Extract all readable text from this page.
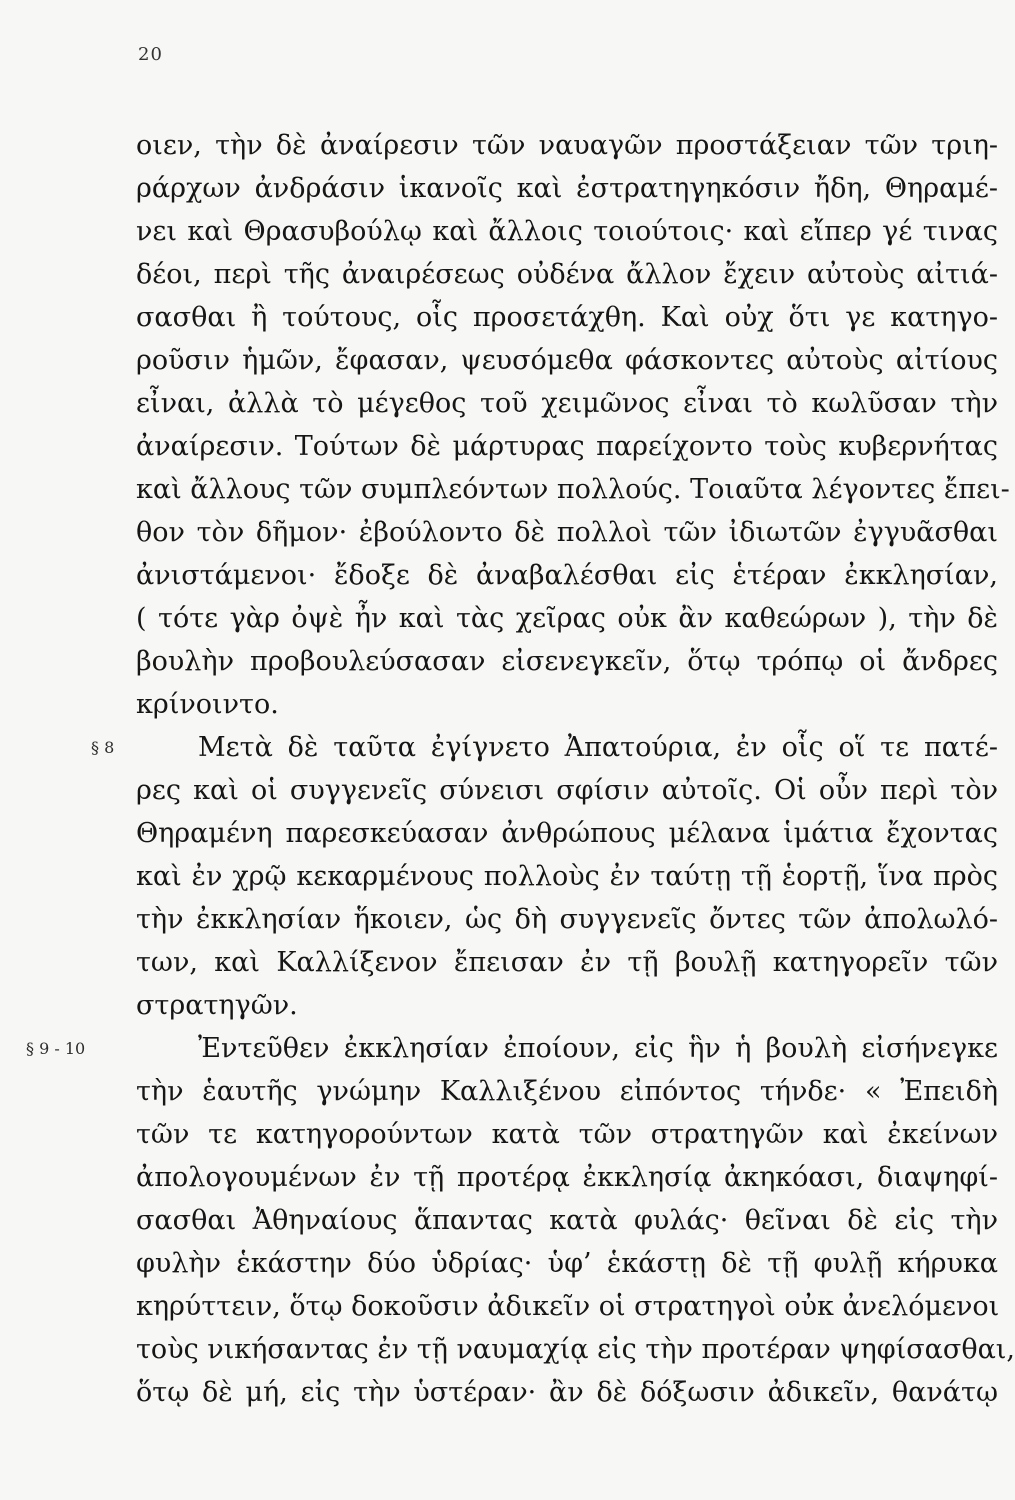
20
οιεν, τὴν δὲ ἀναίρεσιν τῶν ναυαγῶν προστάξειαν τῶν τριη-
ράρχων ἀνδράσιν ἱκανοῖς καὶ ἐστρατηγηκόσιν ἤδη, Θηραμέ-
νει καὶ Θρασυβούλῳ καὶ ἄλλοις τοιούτοις· καὶ εἴπερ γέ τινας
δέοι, περὶ τῆς ἀναιρέσεως οὐδένα ἄλλον ἔχειν αὐτοὺς αἰτιά-
σασθαι ἢ τούτους, οἷς προσετάχθη. Καὶ οὐχ ὅτι γε κατηγο-
ροῦσιν ἡμῶν, ἔφασαν, ψευσόμεθα φάσκοντες αὐτοὺς αἰτίους
εἶναι, ἀλλὰ τὸ μέγεθος τοῦ χειμῶνος εἶναι τὸ κωλῦσαν τὴν
ἀναίρεσιν. Τούτων δὲ μάρτυρας παρείχοντο τοὺς κυβερνήτας
καὶ ἄλλους τῶν συμπλεόντων πολλούς. Τοιαῦτα λέγοντες ἔπει-
θον τὸν δῆμον· ἐβούλοντο δὲ πολλοὶ τῶν ἰδιωτῶν ἐγγυᾶσθαι
ἀνιστάμενοι· ἔδοξε δὲ ἀναβαλέσθαι εἰς ἑτέραν ἐκκλησίαν,
( τότε γὰρ ὀψὲ ἦν καὶ τὰς χεῖρας οὐκ ἂν καθεώρων ), τὴν δὲ
βουλὴν προβουλεύσασαν εἰσενεγκεῖν, ὅτῳ τρόπῳ οἱ ἄνδρες
κρίνοιντο.
§ 8	Μετὰ δὲ ταῦτα ἐγίγνετο Ἀπατούρια, ἐν οἷς οἵ τε πατέ-
ρες καὶ οἱ συγγενεῖς σύνεισι σφίσιν αὐτοῖς. Οἱ οὖν περὶ τὸν
Θηραμένη παρεσκεύασαν ἀνθρώπους μέλανα ἱμάτια ἔχοντας
καὶ ἐν χρῷ κεκαρμένους πολλοὺς ἐν ταύτῃ τῇ ἑορτῇ, ἵνα πρὸς
τὴν ἐκκλησίαν ἥκοιεν, ὡς δὴ συγγενεῖς ὄντες τῶν ἀπολωλό-
των, καὶ Καλλίξενον ἔπεισαν ἐν τῇ βουλῇ κατηγορεῖν τῶν
στρατηγῶν.
§ 9 - 10	Ἐντεῦθεν ἐκκλησίαν ἐποίουν, εἰς ἣν ἡ βουλὴ εἰσήνεγκε
τὴν ἑαυτῆς γνώμην Καλλιξένου εἰπόντος τήνδε· « Ἐπειδὴ
τῶν τε κατηγορούντων κατὰ τῶν στρατηγῶν καὶ ἐκείνων
ἀπολογουμένων ἐν τῇ προτέρᾳ ἐκκλησίᾳ ἀκηκόασι, διαψηφί-
σασθαι Ἀθηναίους ἅπαντας κατὰ φυλάς· θεῖναι δὲ εἰς τὴν
φυλὴν ἑκάστην δύο ὑδρίας· ὑφ’ ἑκάστῃ δὲ τῇ φυλῇ κήρυκα
κηρύττειν, ὅτῳ δοκοῦσιν ἀδικεῖν οἱ στρατηγοὶ οὐκ ἀνελόμενοι
τοὺς νικήσαντας ἐν τῇ ναυμαχίᾳ εἰς τὴν προτέραν ψηφίσασθαι,
ὅτῳ δὲ μή, εἰς τὴν ὑστέραν· ἂν δὲ δόξωσιν ἀδικεῖν, θανάτῳ
